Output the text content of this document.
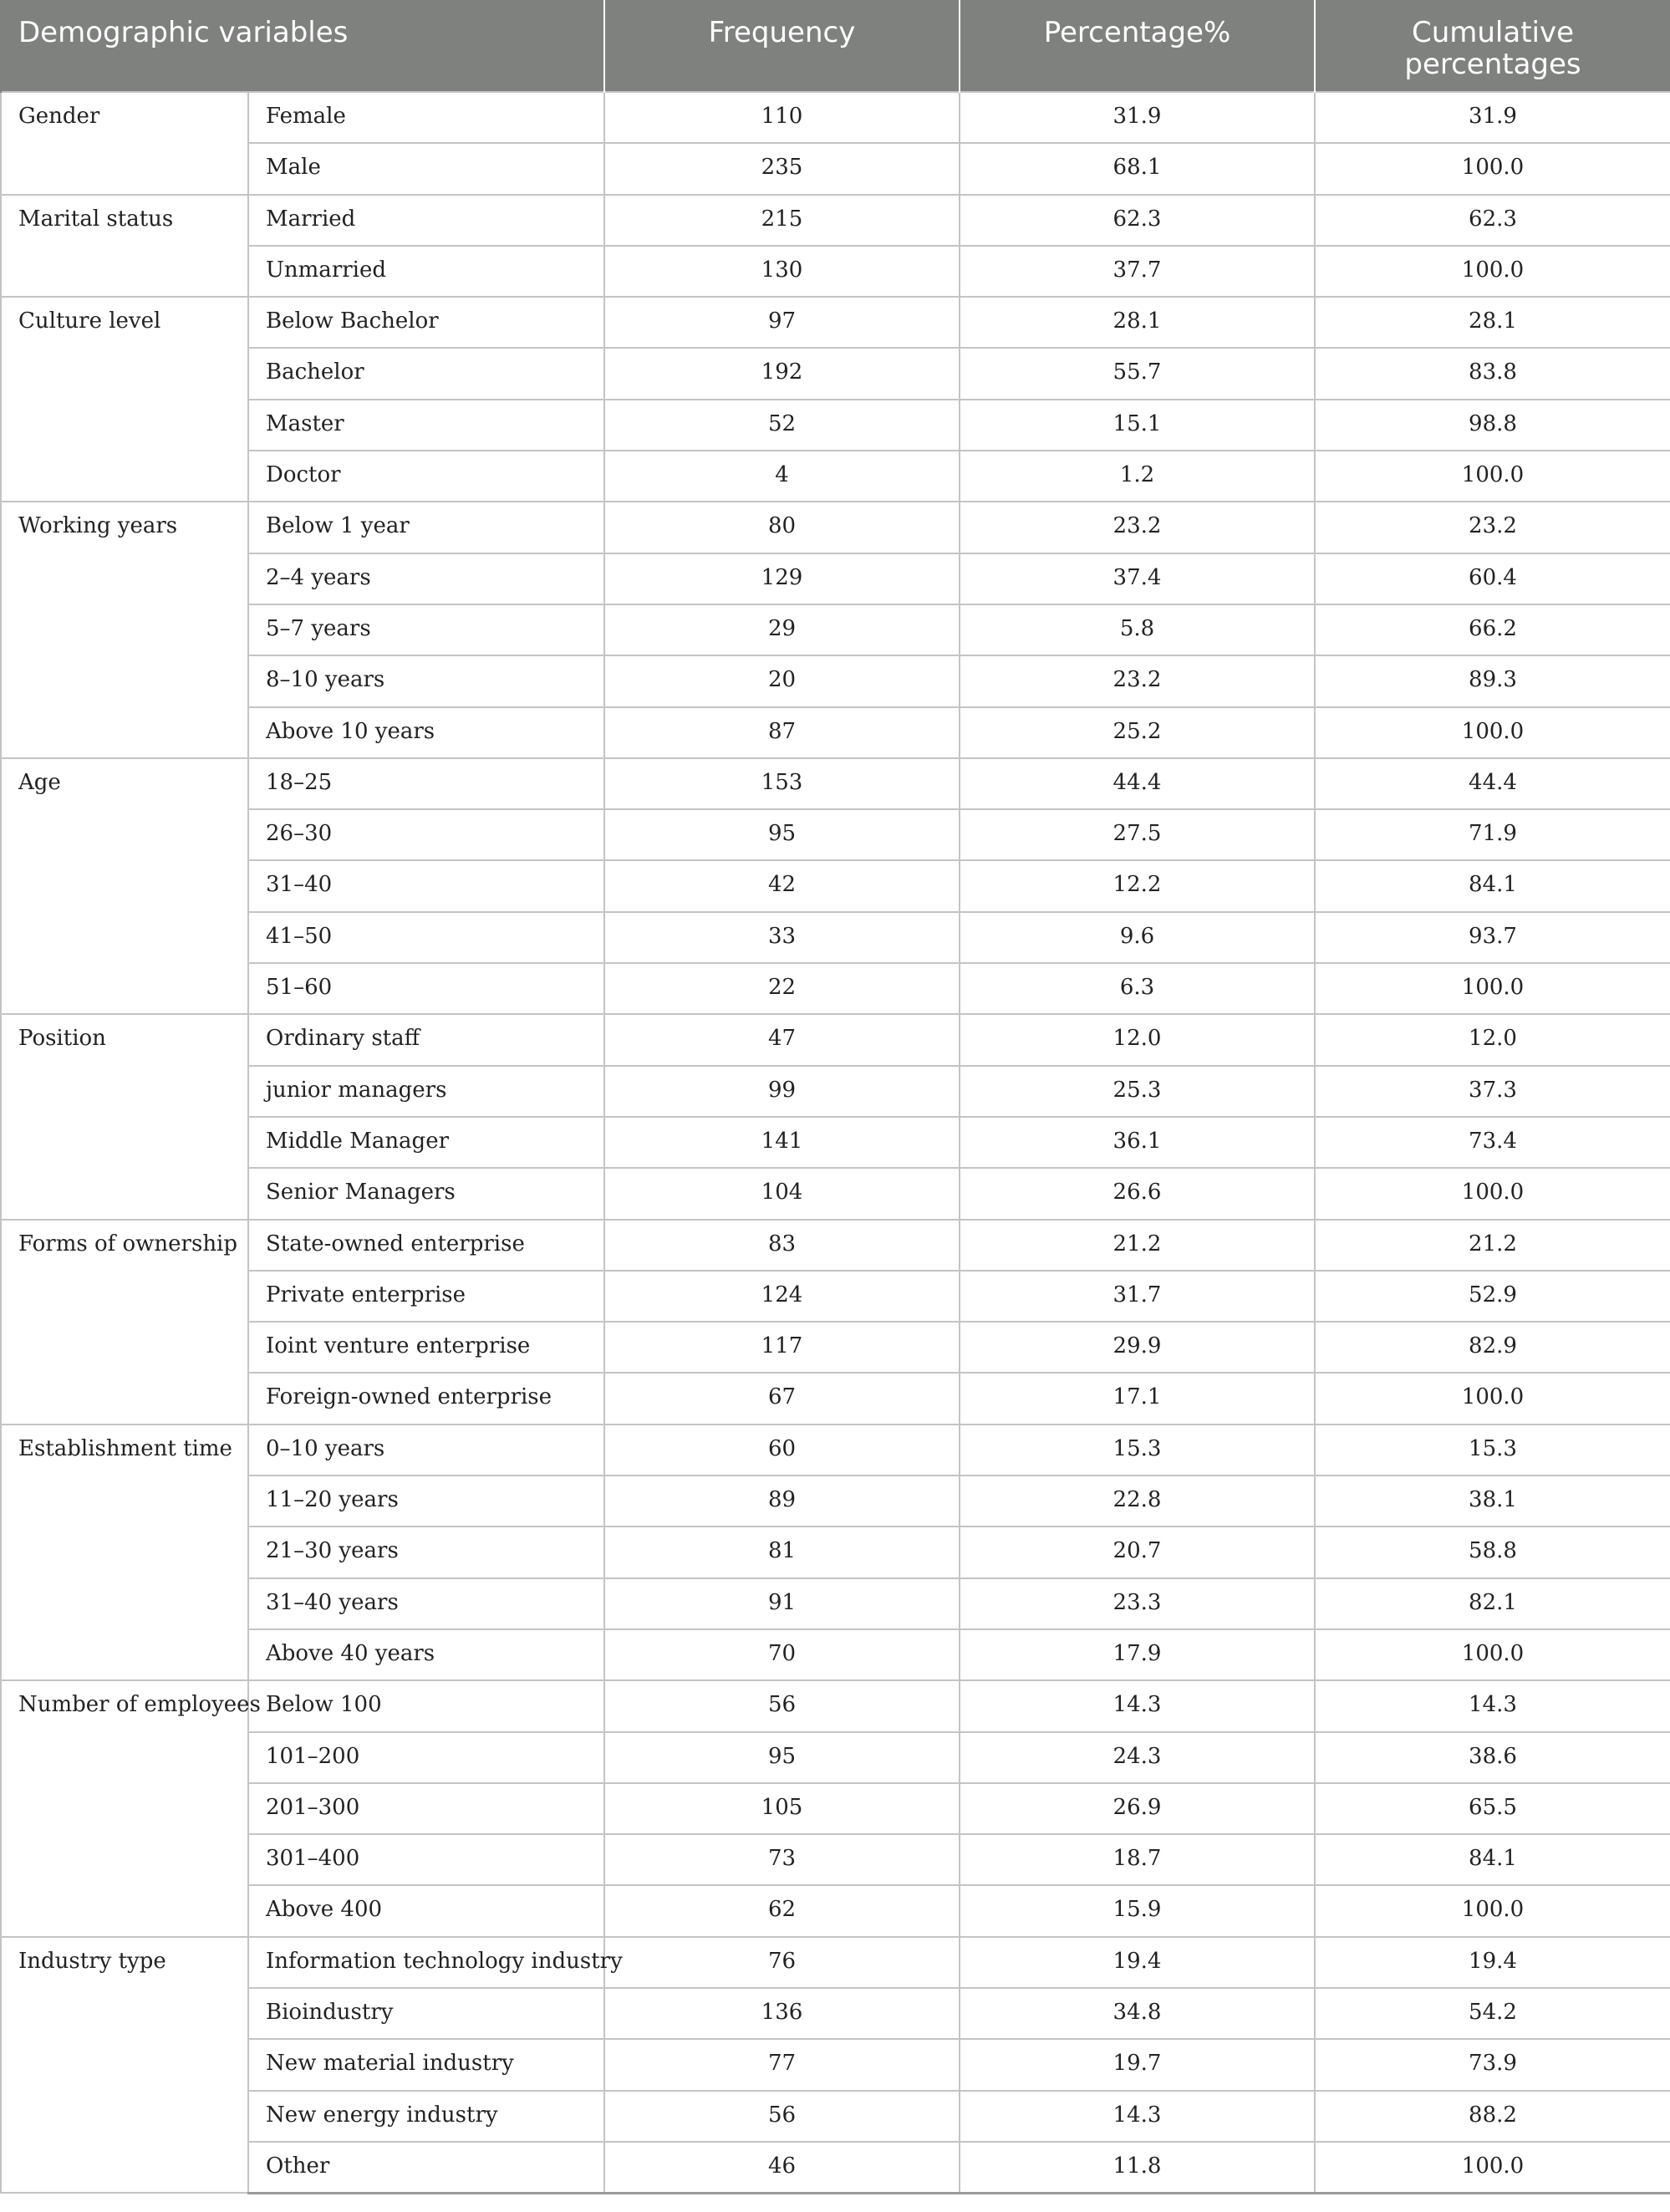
Demographic variables		Frequency	Percentage%	Cumulative percentages
Gender	Female	110	31.9	31.9
	Male	235	68.1	100.0
Marital status	Married	215	62.3	62.3
	Unmarried	130	37.7	100.0
Culture level	Below Bachelor	97	28.1	28.1
	Bachelor	192	55.7	83.8
	Master	52	15.1	98.8
	Doctor	4	1.2	100.0
Working years	Below 1 year	80	23.2	23.2
	2–4 years	129	37.4	60.4
	5–7 years	29	5.8	66.2
	8–10 years	20	23.2	89.3
	Above 10 years	87	25.2	100.0
Age	18–25	153	44.4	44.4
	26–30	95	27.5	71.9
	31–40	42	12.2	84.1
	41–50	33	9.6	93.7
	51–60	22	6.3	100.0
Position	Ordinary staff	47	12.0	12.0
	junior managers	99	25.3	37.3
	Middle Manager	141	36.1	73.4
	Senior Managers	104	26.6	100.0
Forms of ownership	State-owned enterprise	83	21.2	21.2
	Private enterprise	124	31.7	52.9
	Ioint venture enterprise	117	29.9	82.9
	Foreign-owned enterprise	67	17.1	100.0
Establishment time	0–10 years	60	15.3	15.3
	11–20 years	89	22.8	38.1
	21–30 years	81	20.7	58.8
	31–40 years	91	23.3	82.1
	Above 40 years	70	17.9	100.0
Number of employees	Below 100	56	14.3	14.3
	101–200	95	24.3	38.6
	201–300	105	26.9	65.5
	301–400	73	18.7	84.1
	Above 400	62	15.9	100.0
Industry type	Information technology industry	76	19.4	19.4
	Bioindustry	136	34.8	54.2
	New material industry	77	19.7	73.9
	New energy industry	56	14.3	88.2
	Other	46	11.8	100.0
